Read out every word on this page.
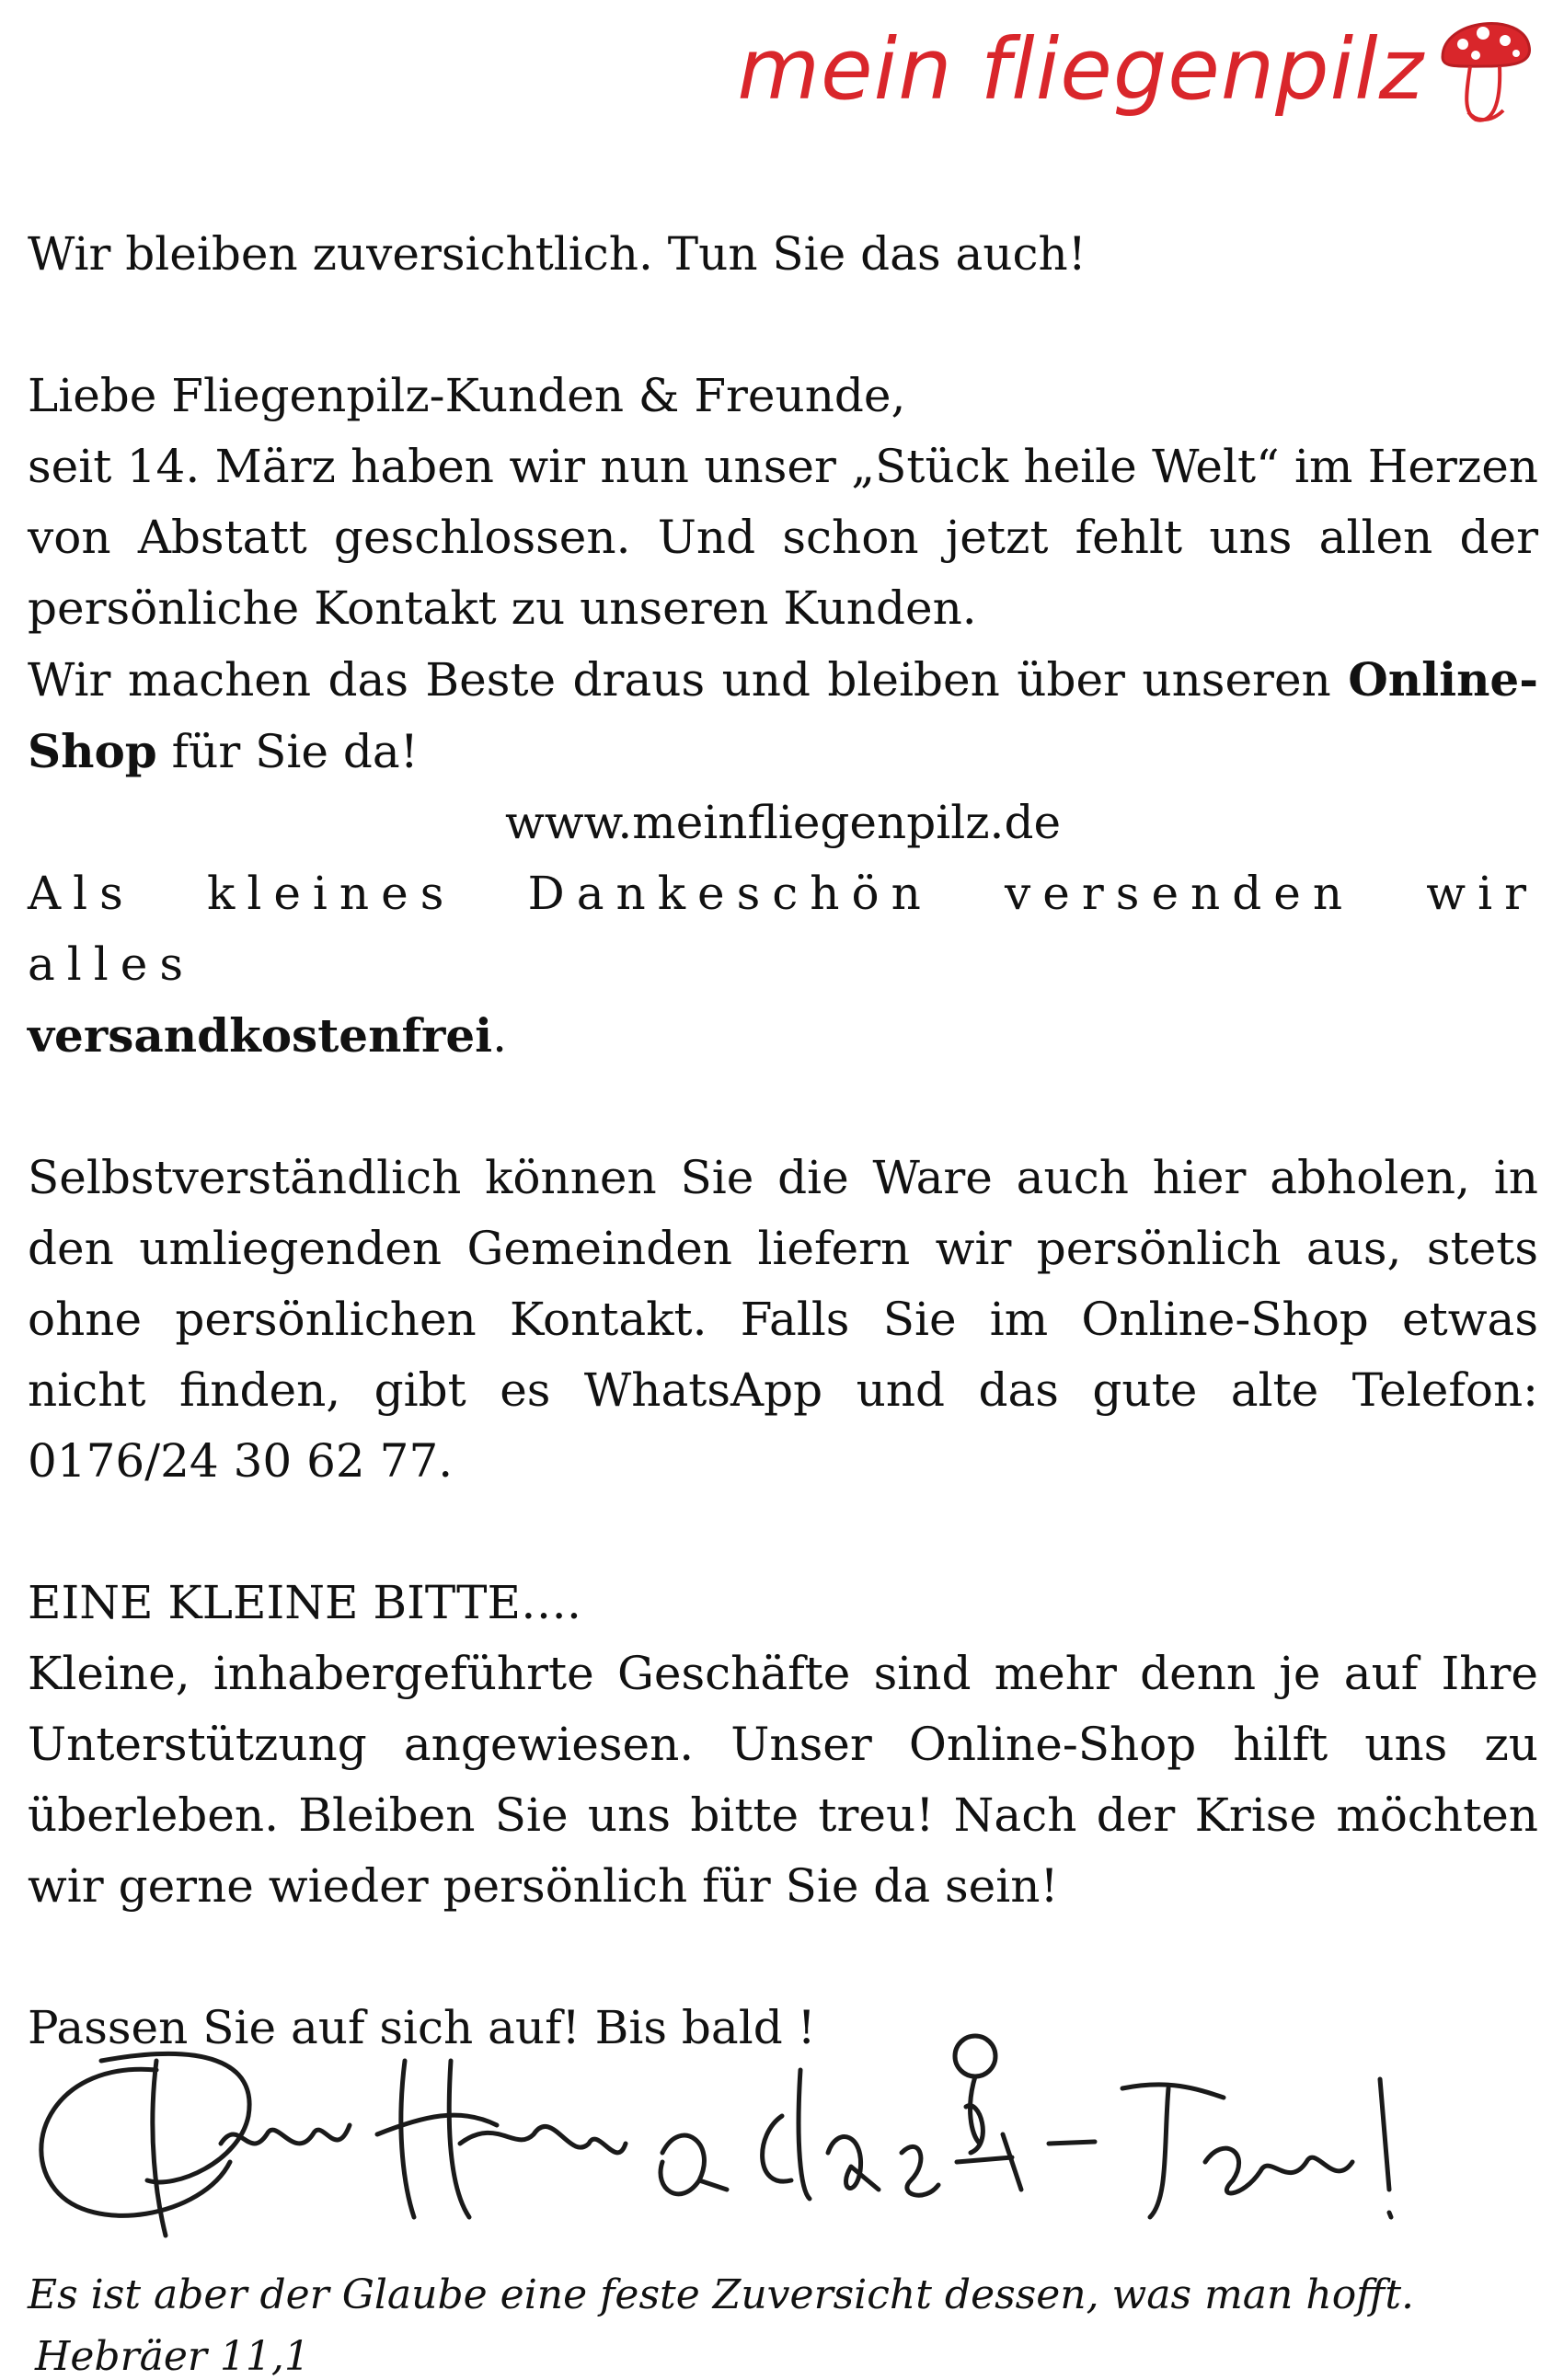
mein fliegenpilz

Wir bleiben zuversichtlich. Tun Sie das auch!

Liebe Fliegenpilz-Kunden & Freunde,

seit 14. März haben wir nun unser „Stück heile Welt“ im Herzen von Abstatt geschlossen. Und schon jetzt fehlt uns allen der persönliche Kontakt zu unseren Kunden.

Wir machen das Beste draus und bleiben über unseren Online-Shop für Sie da!

www.meinfliegenpilz.de

Als kleines Dankeschön versenden wir alles

versandkostenfrei.

Selbstverständlich können Sie die Ware auch hier abholen, in den umliegenden Gemeinden liefern wir persönlich aus, stets ohne persönlichen Kontakt. Falls Sie im Online-Shop etwas nicht finden, gibt es WhatsApp und das gute alte Telefon: 0176/24 30 62 77.

EINE KLEINE BITTE….

Kleine, inhabergeführte Geschäfte sind mehr denn je auf Ihre Unterstützung angewiesen. Unser Online-Shop hilft uns zu überleben. Bleiben Sie uns bitte treu! Nach der Krise möchten wir gerne wieder persönlich für Sie da sein!

Passen Sie auf sich auf! Bis bald !

Es ist aber der Glaube eine feste Zuversicht dessen, was man hofft.

Hebräer 11,1
